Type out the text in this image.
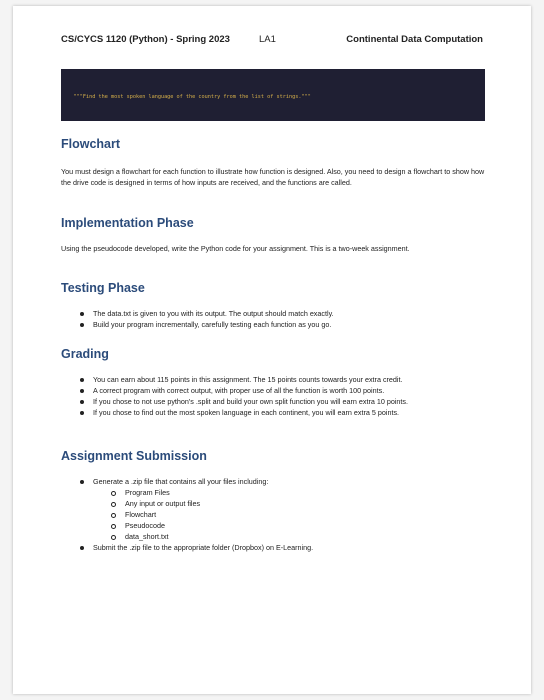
CS/CYCS 1120 (Python) - Spring 2023	LA1	Continental Data Computation

"""Find the most spoken language of the country from the list of strings."""

Flowchart

You must design a flowchart for each function to illustrate how function is designed. Also, you need to design a flowchart to show how the drive code is designed in terms of how inputs are received, and the functions are called.

Implementation Phase

Using the pseudocode developed, write the Python code for your assignment. This is a two-week assignment.

Testing Phase
The data.txt is given to you with its output. The output should match exactly.
Build your program incrementally, carefully testing each function as you go.
Grading
You can earn about 115 points in this assignment. The 15 points counts towards your extra credit.
A correct program with correct output, with proper use of all the function is worth 100 points.
If you chose to not use python's .split and build your own split function you will earn extra 10 points.
If you chose to find out the most spoken language in each continent, you will earn extra 5 points.
Assignment Submission
Generate a .zip file that contains all your files including:
Program Files
Any input or output files
Flowchart
Pseudocode
data_short.txt
Submit the .zip file to the appropriate folder (Dropbox) on E-Learning.
